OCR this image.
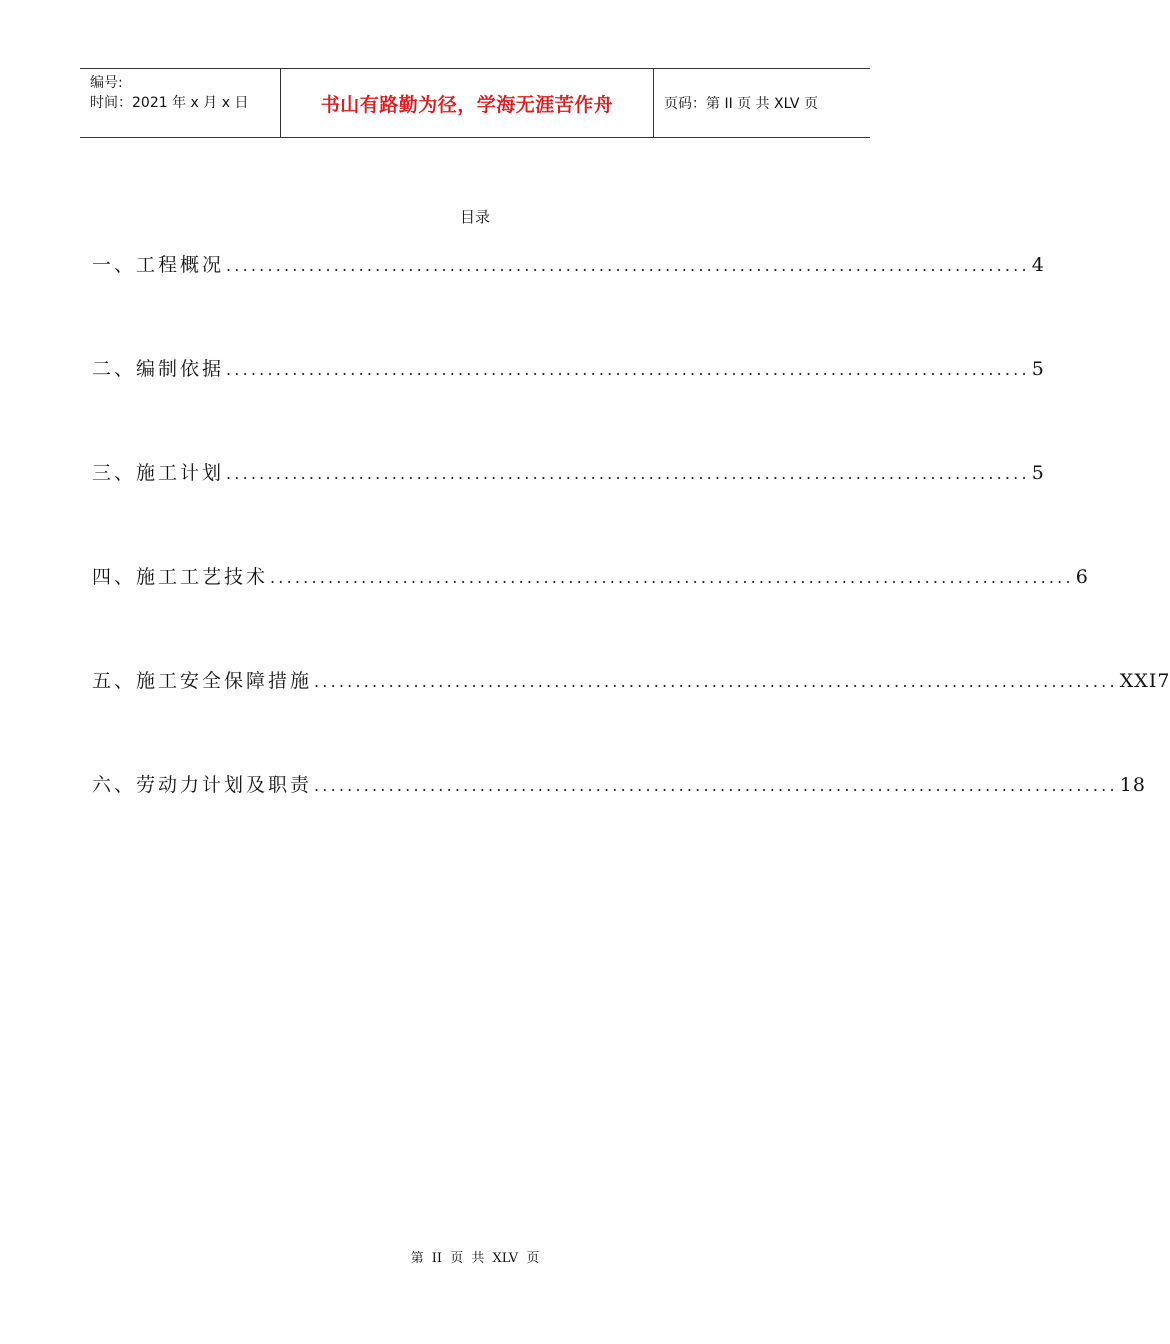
编号:
时间：2021 年 x 月 x 日	书山有路勤为径，学海无涯苦作舟	页码：第 II 页 共 XLV 页
目录
一、工程概况 ................................................................................................. 4
二、编制依据 ................................................................................................. 5
三、施工计划 ................................................................................................. 5
四、施工工艺技术 ................................................................................................. 6
五、施工安全保障措施 ................................................................................................. XXI7
六、劳动力计划及职责 ................................................................................................. 18
第 II 页 共 XLV 页
